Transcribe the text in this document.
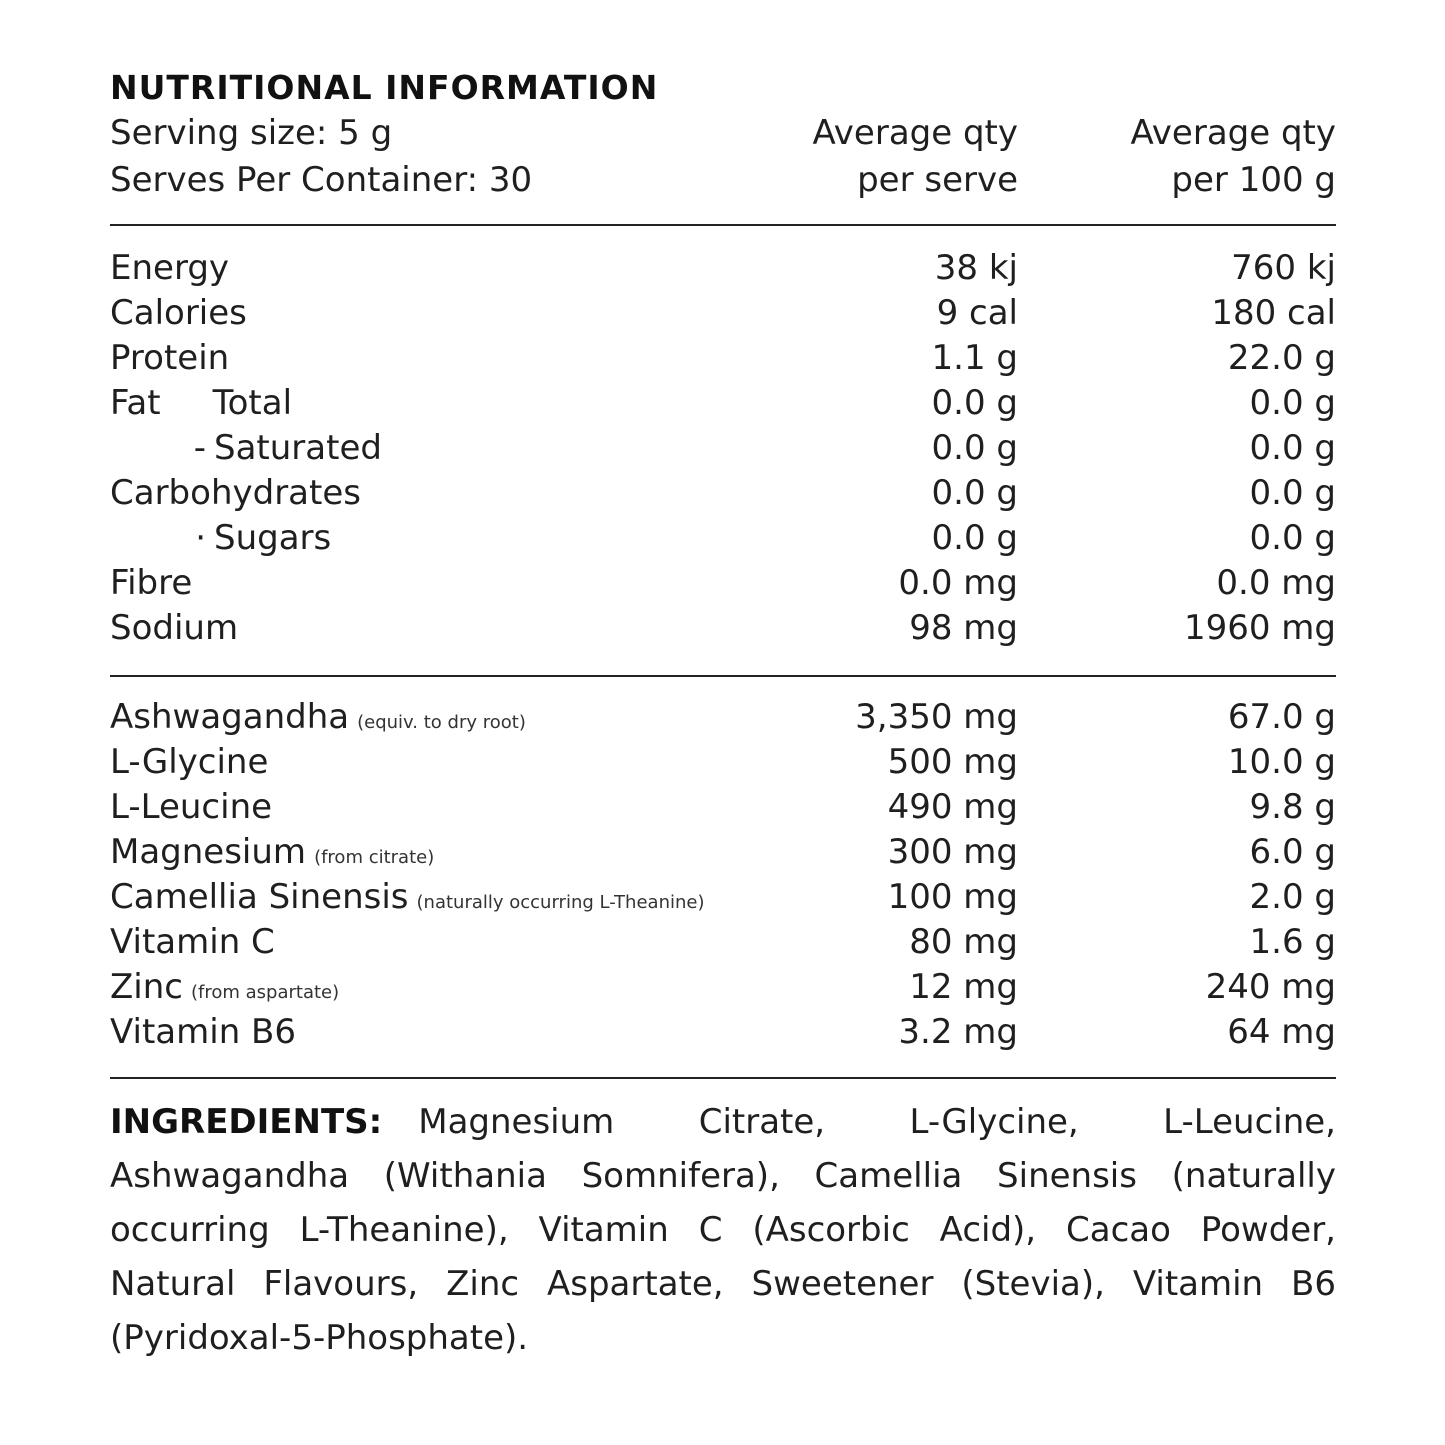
NUTRITIONAL INFORMATION
Serving size: 5 g	Average qty	Average qty
Serves Per Container: 30	per serve	per 100 g
Energy	38 kj	760 kj
Calories	9 cal	180 cal
Protein	1.1 g	22.0 g
Fat Total	0.0 g	0.0 g
- Saturated	0.0 g	0.0 g
Carbohydrates	0.0 g	0.0 g
· Sugars	0.0 g	0.0 g
Fibre	0.0 mg	0.0 mg
Sodium	98 mg	1960 mg
Ashwagandha (equiv. to dry root)	3,350 mg	67.0 g
L-Glycine	500 mg	10.0 g
L-Leucine	490 mg	9.8 g
Magnesium (from citrate)	300 mg	6.0 g
Camellia Sinensis (naturally occurring L-Theanine)	100 mg	2.0 g
Vitamin C	80 mg	1.6 g
Zinc (from aspartate)	12 mg	240 mg
Vitamin B6	3.2 mg	64 mg
INGREDIENTS: Magnesium Citrate, L-Glycine, L-Leucine, Ashwagandha (Withania Somnifera), Camellia Sinensis (naturally occurring L-Theanine), Vitamin C (Ascorbic Acid), Cacao Powder, Natural Flavours, Zinc Aspartate, Sweetener (Stevia), Vitamin B6 (Pyridoxal-5-Phosphate).
